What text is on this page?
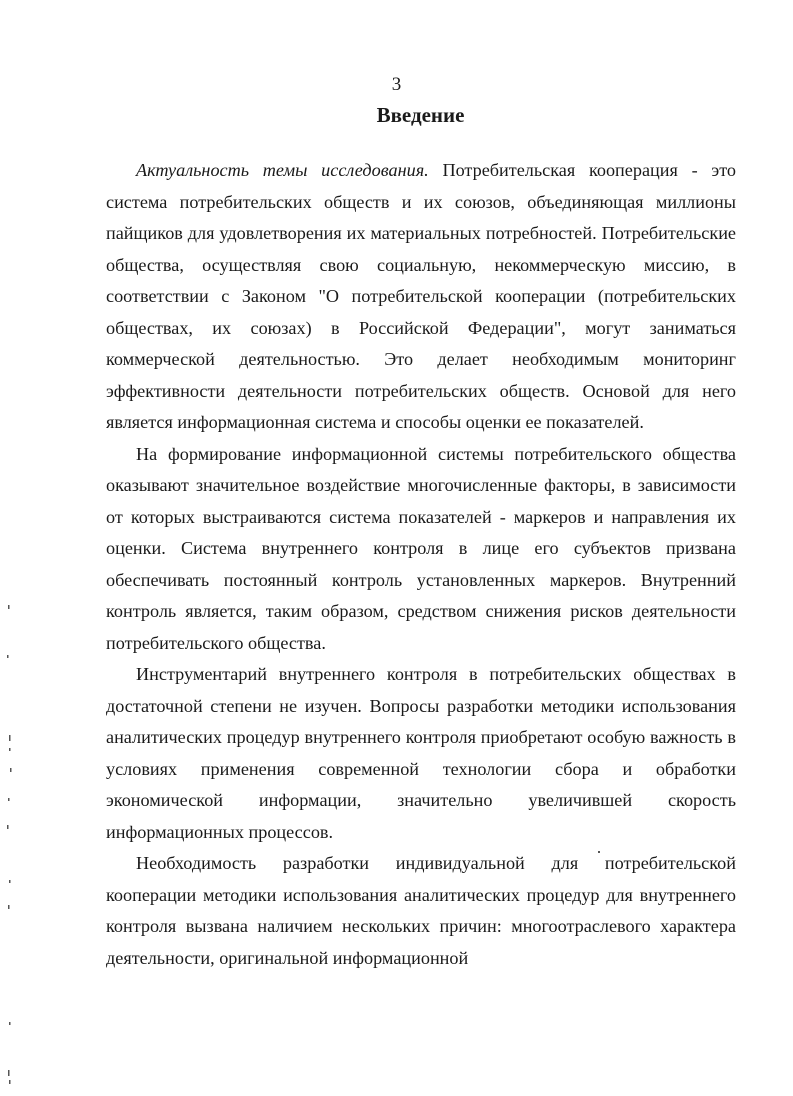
3
Введение

Актуальность темы исследования. Потребительская кооперация - это система потребительских обществ и их союзов, объединяющая миллионы пайщиков для удовлетворения их материальных потребностей. Потребительские общества, осуществляя свою социальную, некоммерческую миссию, в соответствии с Законом "О потребительской кооперации (потребительских обществах, их союзах) в Российской Федерации", могут заниматься коммерческой деятельностью. Это делает необходимым мониторинг эффективности деятельности потребительских обществ. Основой для него является информационная система и способы оценки ее показателей.

На формирование информационной системы потребительского общества оказывают значительное воздействие многочисленные факторы, в зависимости от которых выстраиваются система показателей - маркеров и направления их оценки. Система внутреннего контроля в лице его субъектов призвана обеспечивать постоянный контроль установленных маркеров. Внутренний контроль является, таким образом, средством снижения рисков деятельности потребительского общества.

Инструментарий внутреннего контроля в потребительских обществах в достаточной степени не изучен. Вопросы разработки методики использования аналитических процедур внутреннего контроля приобретают особую важность в условиях применения современной технологии сбора и обработки экономической информации, значительно увеличившей скорость информационных процессов.

Необходимость разработки индивидуальной для потребительской кооперации методики использования аналитических процедур для внутреннего контроля вызвана наличием нескольких причин: многоотраслевого характера деятельности, оригинальной информационной
